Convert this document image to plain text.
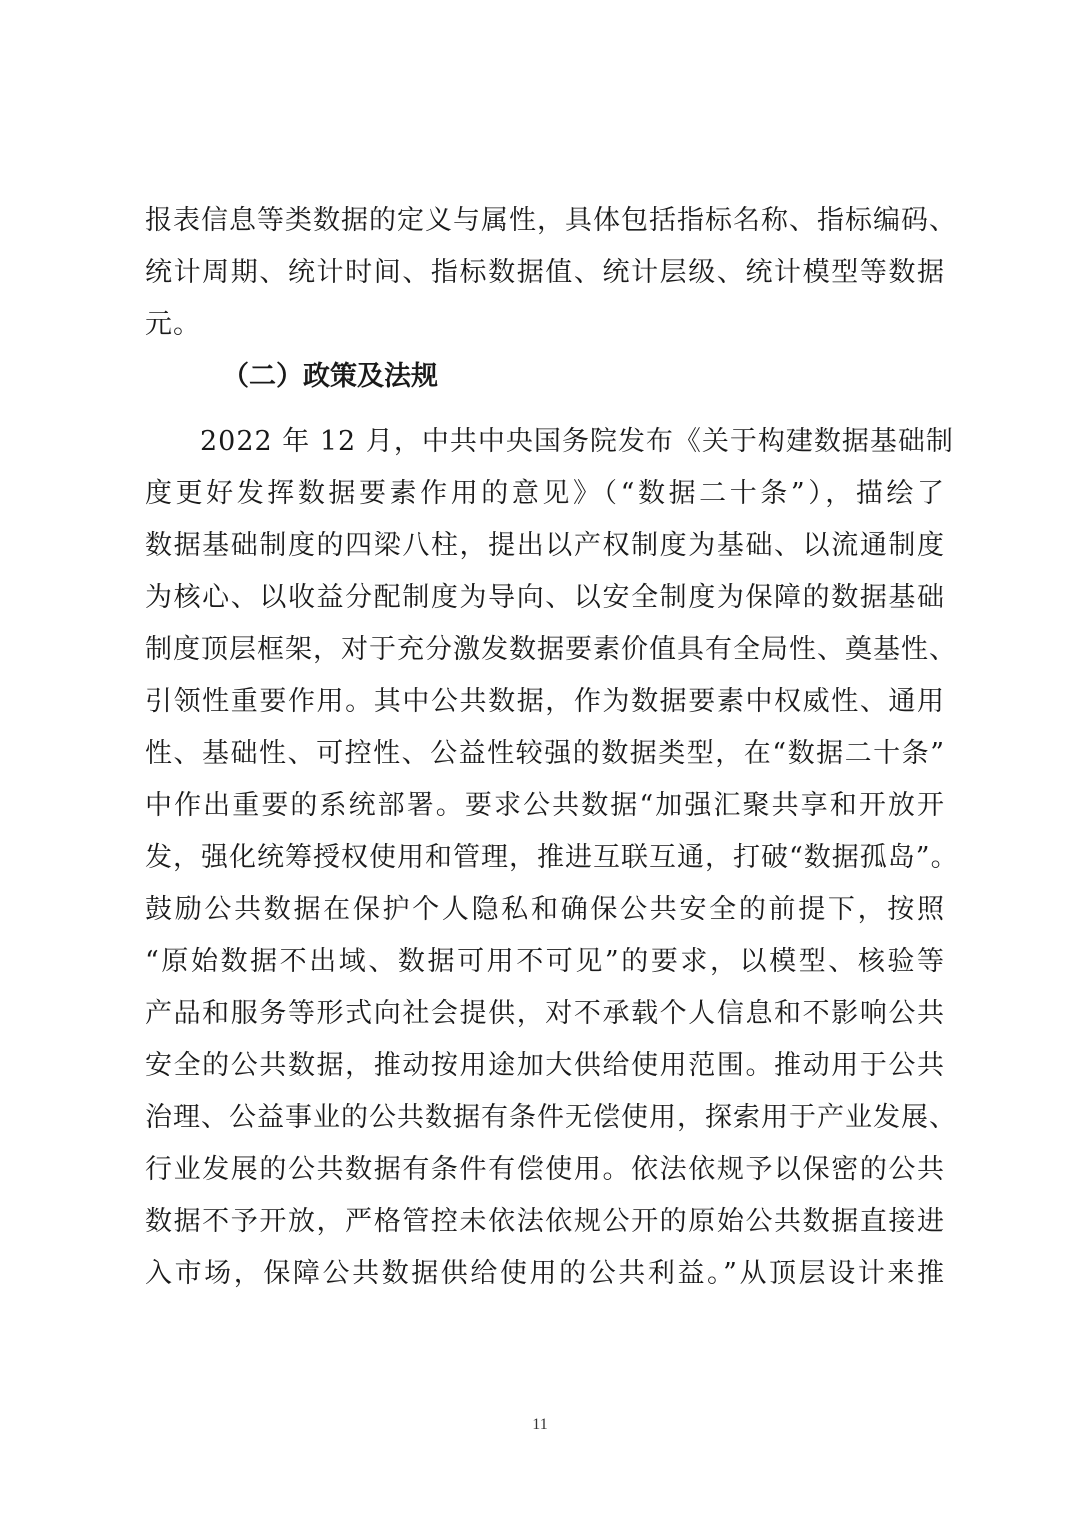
报表信息等类数据的定义与属性，具体包括指标名称、指标编码、
统计周期、统计时间、指标数据值、统计层级、统计模型等数据
元。
（二）政策及法规
2022 年 12 月，中共中央国务院发布《关于构建数据基础制
度更好发挥数据要素作用的意见》（“数据二十条”），描绘了
数据基础制度的四梁八柱，提出以产权制度为基础、以流通制度
为核心、以收益分配制度为导向、以安全制度为保障的数据基础
制度顶层框架，对于充分激发数据要素价值具有全局性、奠基性、
引领性重要作用。其中公共数据，作为数据要素中权威性、通用
性、基础性、可控性、公益性较强的数据类型，在“数据二十条”
中作出重要的系统部署。要求公共数据“加强汇聚共享和开放开
发，强化统筹授权使用和管理，推进互联互通，打破“数据孤岛”。
鼓励公共数据在保护个人隐私和确保公共安全的前提下，按照
“原始数据不出域、数据可用不可见”的要求，以模型、核验等
产品和服务等形式向社会提供，对不承载个人信息和不影响公共
安全的公共数据，推动按用途加大供给使用范围。推动用于公共
治理、公益事业的公共数据有条件无偿使用，探索用于产业发展、
行业发展的公共数据有条件有偿使用。依法依规予以保密的公共
数据不予开放，严格管控未依法依规公开的原始公共数据直接进
入市场，保障公共数据供给使用的公共利益。”从顶层设计来推
11
